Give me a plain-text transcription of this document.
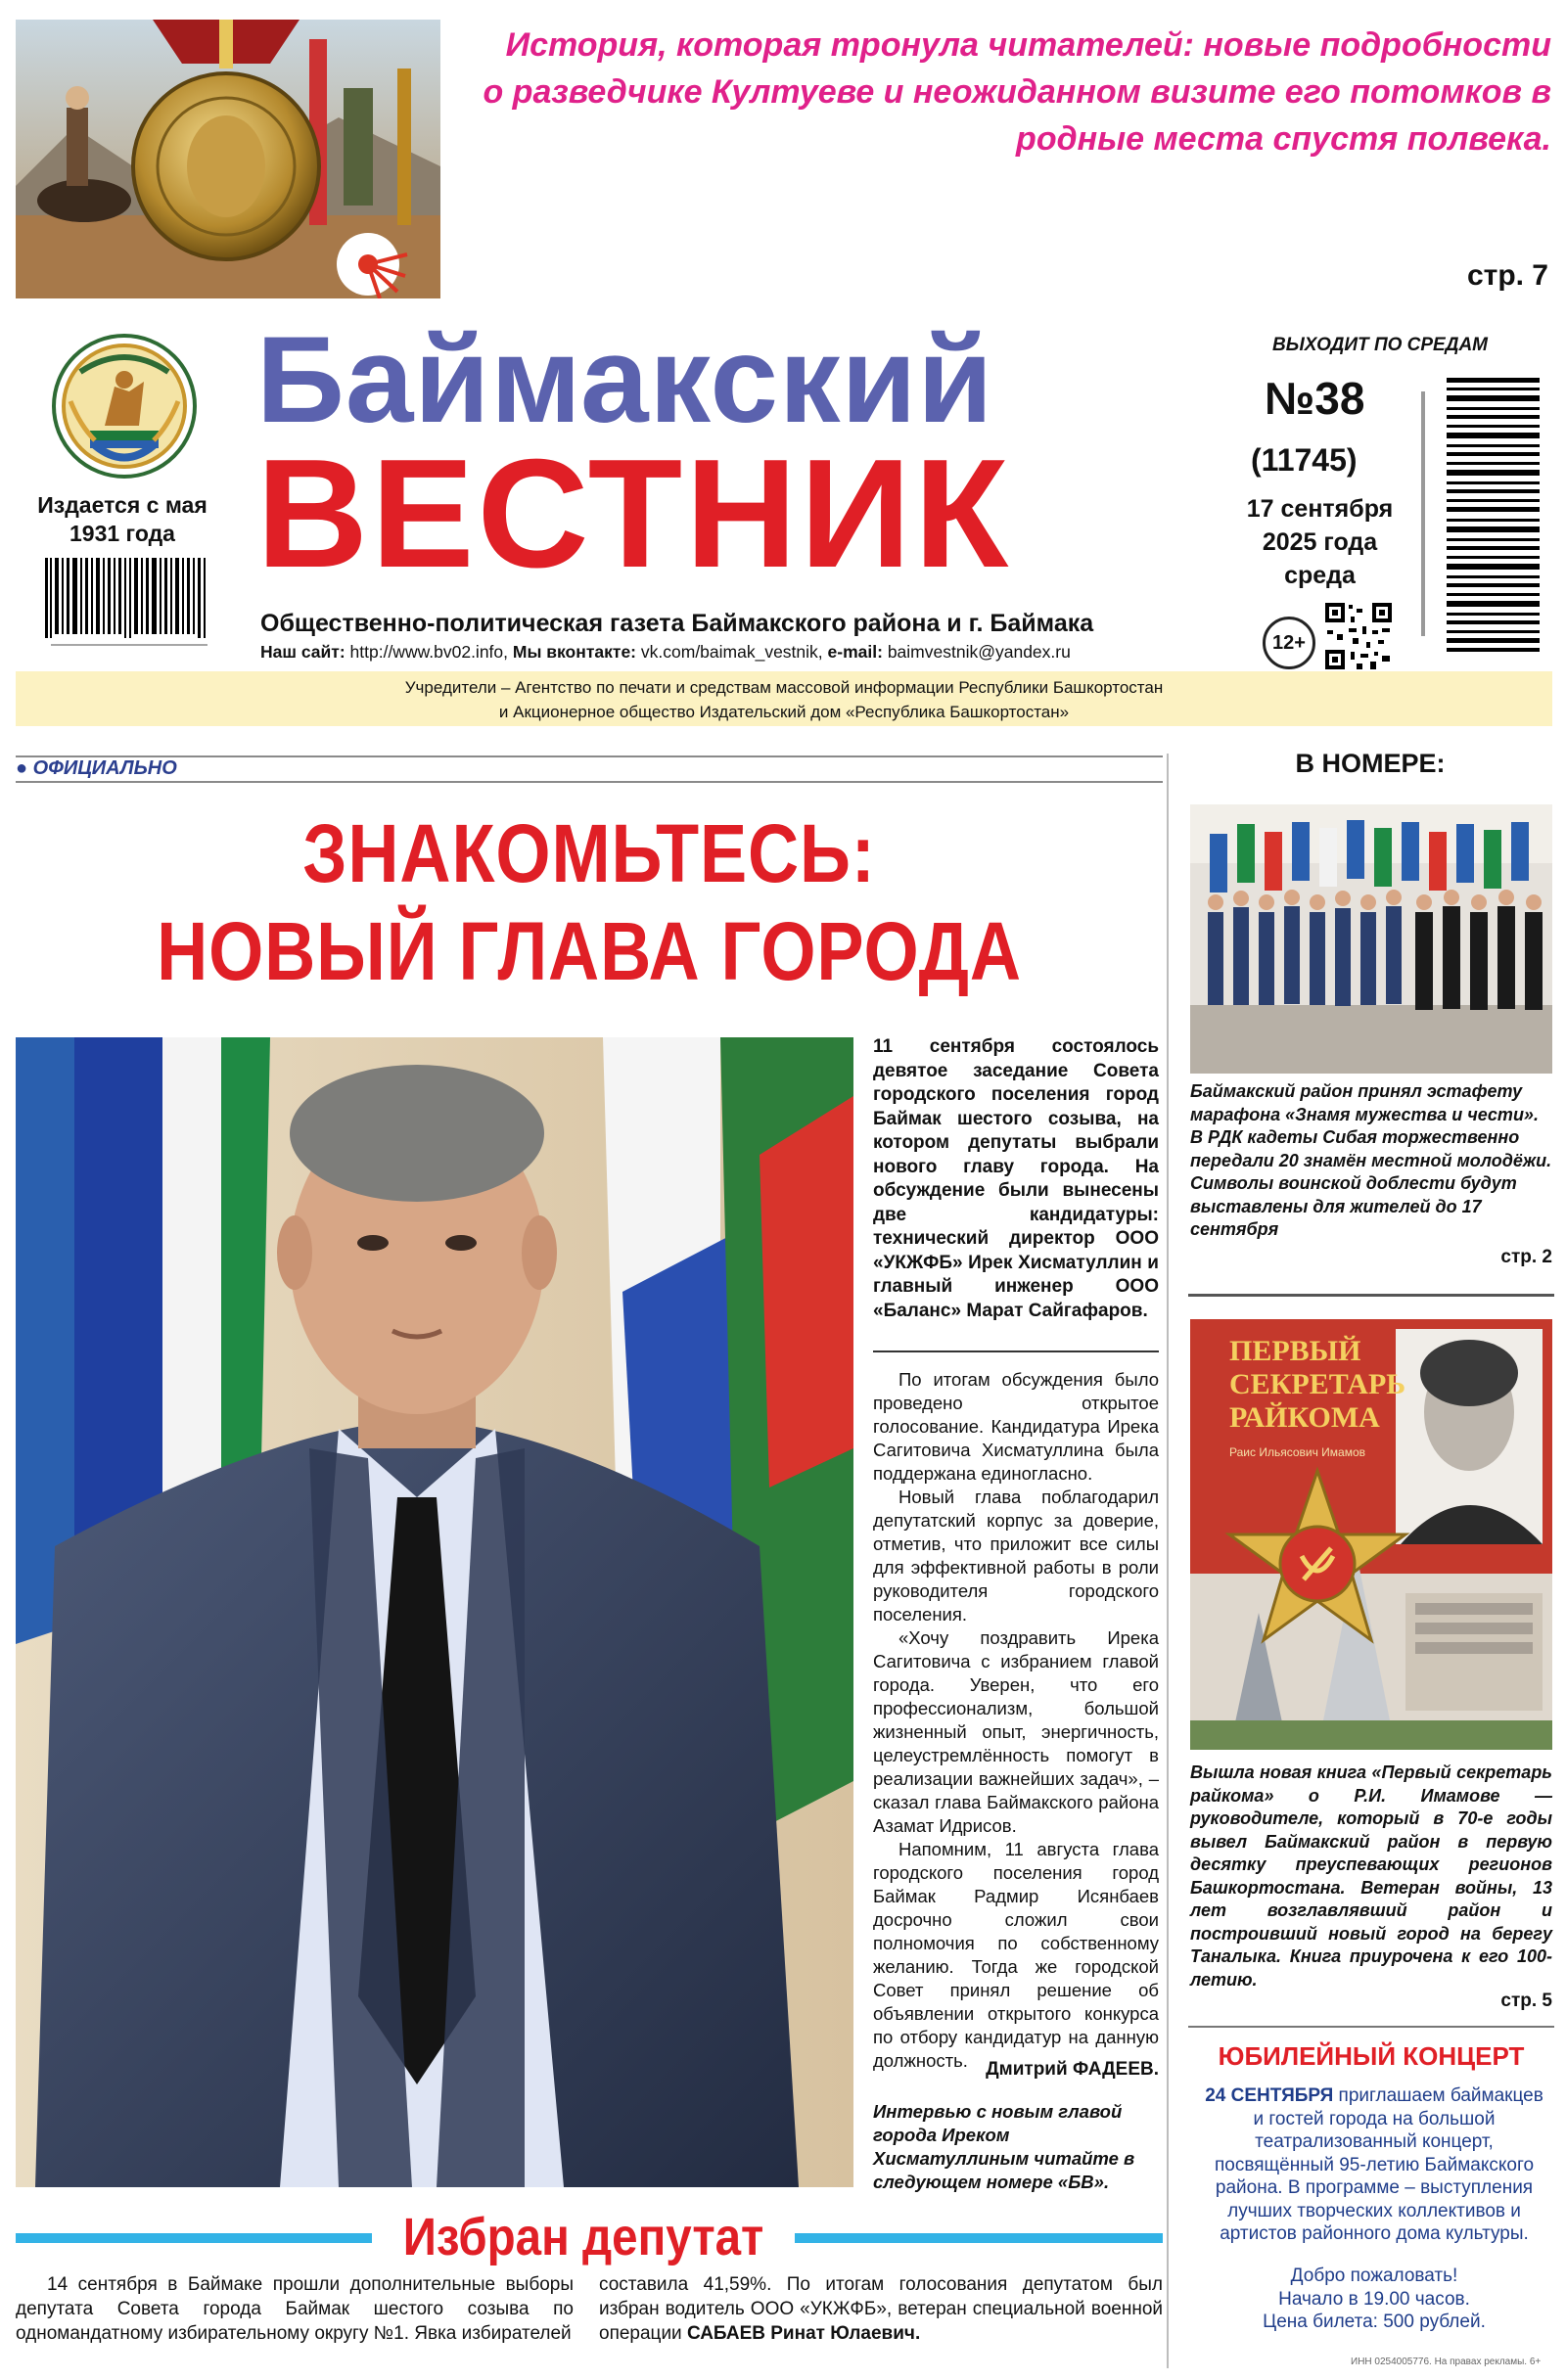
История, которая тронула читателей: новые подробности о разведчике Култуеве и неожиданном визите его потомков в родные места спустя полвека.
стр. 7
Издается с мая 1931 года
Баймакский
ВЕСТНИК
Общественно-политическая газета Баймакского района и г. Баймака
Наш сайт: http://www.bv02.info, Мы вконтакте: vk.com/baimak_vestnik, e-mail: baimvestnik@yandex.ru
ВЫХОДИТ ПО СРЕДАМ
№38
(11745)
17 сентября
2025 года
среда
12+
Учредители – Агентство по печати и средствам массовой информации Республики Башкортостан
и Акционерное общество Издательский дом «Республика Башкортостан»
● ОФИЦИАЛЬНО
ЗНАКОМЬТЕСЬ:
НОВЫЙ ГЛАВА ГОРОДА
11 сентября состоялось девятое заседание Совета городского поселения город Баймак шестого созыва, на котором депутаты выбрали нового главу города. На обсуждение были вынесены две кандидатуры: технический директор ООО «УКЖФБ» Ирек Хисматуллин и главный инженер ООО «Баланс» Марат Сайгафаров.

По итогам обсуждения было проведено открытое голосование. Кандидатура Ирека Сагитовича Хисматуллина была поддержана единогласно.

Новый глава поблагодарил депутатский корпус за доверие, отметив, что приложит все силы для эффективной работы в роли руководителя городского поселения.

«Хочу поздравить Ирека Сагитовича с избранием главой города. Уверен, что его профессионализм, большой жизненный опыт, энергичность, целеустремлённость помогут в реализации важнейших задач», – сказал глава Баймакского района Азамат Идрисов.

Напомним, 11 августа глава городского поселения город Баймак Радмир Исянбаев досрочно сложил свои полномочия по собственному желанию. Тогда же городской Совет принял решение об объявлении открытого конкурса по отбору кандидатур на данную должность. Дмитрий ФАДЕЕВ.
Интервью с новым главой города Иреком Хисматуллиным читайте в следующем номере «БВ».
Избран депутат
14 сентября в Баймаке прошли дополнительные выборы депутата Совета города Баймак шестого созыва по одномандатному избирательному округу №1. Явка избирателей
составила 41,59%. По итогам голосования депутатом был избран водитель ООО «УКЖФБ», ветеран специальной военной операции САБАЕВ Ринат Юлаевич.
В НОМЕРЕ:
Баймакский район принял эстафету марафона «Знамя мужества и чести». В РДК кадеты Сибая торжественно передали 20 знамён местной молодёжи. Символы воинской доблести будут выставлены для жителей до 17 сентября
стр. 2
ПЕРВЫЙ
СЕКРЕТАРЬ
РАЙКОМА
Раис Ильясович Имамов
Вышла новая книга «Первый секретарь райкома» о Р.И. Имамове — руководителе, который в 70-е годы вывел Баймакский район в первую десятку преуспевающих регионов Башкортостана. Ветеран войны, 13 лет возглавлявший район и построивший новый город на берегу Таналыка. Книга приурочена к его 100-летию.
стр. 5
ЮБИЛЕЙНЫЙ КОНЦЕРТ
24 СЕНТЯБРЯ приглашаем баймакцев и гостей города на большой театрализованный концерт, посвящённый 95-летию Баймакского района. В программе – выступления лучших творческих коллективов и артистов районного дома культуры.
Добро пожаловать!
Начало в 19.00 часов.
Цена билета: 500 рублей.
ИНН 0254005776. На правах рекламы. 6+
